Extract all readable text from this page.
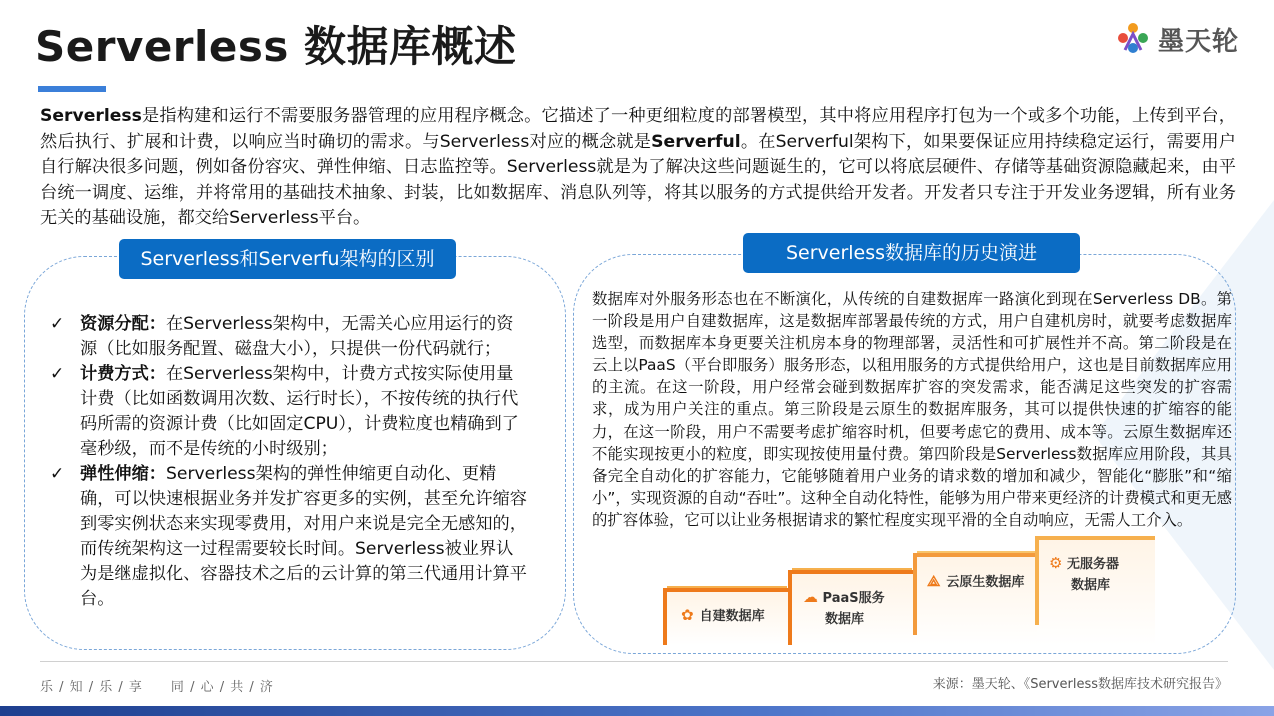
Serverless 数据库概述	墨天轮
Serverless是指构建和运行不需要服务器管理的应用程序概念。它描述了一种更细粒度的部署模型，其中将应用程序打包为一个或多个功能，上传到平台，然后执行、扩展和计费，以响应当时确切的需求。与Serverless对应的概念就是Serverful。在Serverful架构下，如果要保证应用持续稳定运行，需要用户自行解决很多问题，例如备份容灾、弹性伸缩、日志监控等。Serverless就是为了解决这些问题诞生的，它可以将底层硬件、存储等基础资源隐藏起来，由平台统一调度、运维，并将常用的基础技术抽象、封装，比如数据库、消息队列等，将其以服务的方式提供给开发者。开发者只专注于开发业务逻辑，所有业务无关的基础设施，都交给Serverless平台。
Serverless和Serverfu架构的区别
✓ 资源分配：在Serverless架构中，无需关心应用运行的资源（比如服务配置、磁盘大小），只提供一份代码就行；
✓ 计费方式：在Serverless架构中，计费方式按实际使用量计费（比如函数调用次数、运行时长），不按传统的执行代码所需的资源计费（比如固定CPU），计费粒度也精确到了毫秒级，而不是传统的小时级别；
✓ 弹性伸缩：Serverless架构的弹性伸缩更自动化、更精确，可以快速根据业务并发扩容更多的实例，甚至允许缩容到零实例状态来实现零费用，对用户来说是完全无感知的，而传统架构这一过程需要较长时间。Serverless被业界认为是继虚拟化、容器技术之后的云计算的第三代通用计算平台。
Serverless数据库的历史演进
数据库对外服务形态也在不断演化，从传统的自建数据库一路演化到现在Serverless DB。第一阶段是用户自建数据库，这是数据库部署最传统的方式，用户自建机房时，就要考虑数据库选型，而数据库本身更要关注机房本身的物理部署，灵活性和可扩展性并不高。第二阶段是在云上以PaaS（平台即服务）服务形态，以租用服务的方式提供给用户，这也是目前数据库应用的主流。在这一阶段，用户经常会碰到数据库扩容的突发需求，能否满足这些突发的扩容需求，成为用户关注的重点。第三阶段是云原生的数据库服务，其可以提供快速的扩缩容的能力，在这一阶段，用户不需要考虑扩缩容时机，但要考虑它的费用、成本等。云原生数据库还不能实现按更小的粒度，即实现按使用量付费。第四阶段是Serverless数据库应用阶段，其具备完全自动化的扩容能力，它能够随着用户业务的请求数的增加和减少，智能化“膨胀”和“缩小”，实现资源的自动“吞吐”。这种全自动化特性，能够为用户带来更经济的计费模式和更无感的扩容体验，它可以让业务根据请求的繁忙程度实现平滑的全自动响应，无需人工介入。
✿ 自建数据库
☁ PaaS服务
数据库
⟁ 云原生数据库
⚙ 无服务器
数据库
乐 / 知 / 乐 / 享　　同 / 心 / 共 / 济	来源：墨天轮、《Serverless数据库技术研究报告》
